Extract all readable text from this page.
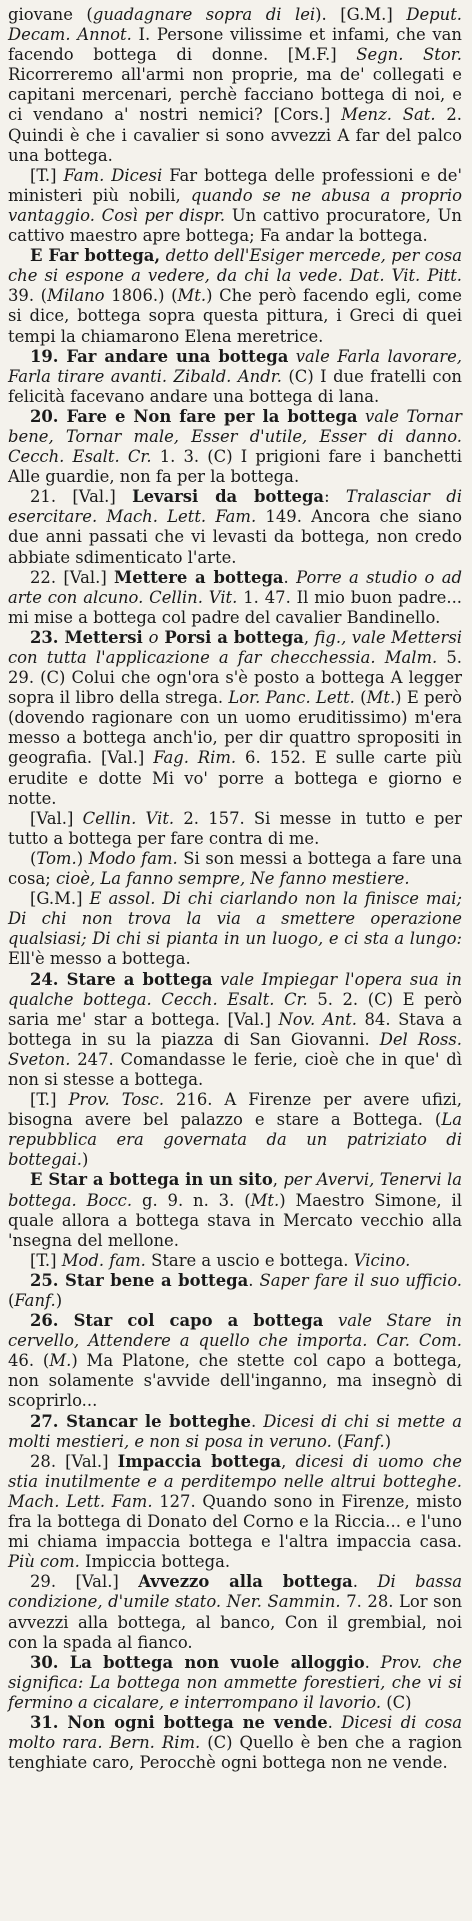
giovane (guadagnare sopra di lei). [G.M.] Deput. Decam. Annot. I. Persone vilissime et infami, che van facendo bottega di donne. [M.F.] Segn. Stor. Ricorreremo all'armi non proprie, ma de' collegati e capitani mercenari, perchè facciano bottega di noi, e ci vendano a' nostri nemici? [Cors.] Menz. Sat. 2. Quindi è che i cavalier si sono avvezzi A far del palco una bottega.

[T.] Fam. Dicesi Far bottega delle professioni e de' ministeri più nobili, quando se ne abusa a proprio vantaggio. Così per dispr. Un cattivo procuratore, Un cattivo maestro apre bottega; Fa andar la bottega.

E Far bottega, detto dell'Esiger mercede, per cosa che si espone a vedere, da chi la vede. Dat. Vit. Pitt. 39. (Milano 1806.) (Mt.) Che però facendo egli, come si dice, bottega sopra questa pittura, i Greci di quei tempi la chiamarono Elena meretrice.

19. Far andare una bottega vale Farla lavorare, Farla tirare avanti. Zibald. Andr. (C) I due fratelli con felicità facevano andare una bottega di lana.

20. Fare e Non fare per la bottega vale Tornar bene, Tornar male, Esser d'utile, Esser di danno. Cecch. Esalt. Cr. 1. 3. (C) I prigioni fare i banchetti Alle guardie, non fa per la bottega.

21. [Val.] Levarsi da bottega: Tralasciar di esercitare. Mach. Lett. Fam. 149. Ancora che siano due anni passati che vi levasti da bottega, non credo abbiate sdimenticato l'arte.

22. [Val.] Mettere a bottega. Porre a studio o ad arte con alcuno. Cellin. Vit. 1. 47. Il mio buon padre... mi mise a bottega col padre del cavalier Bandinello.

23. Mettersi o Porsi a bottega, fig., vale Mettersi con tutta l'applicazione a far checchessia. Malm. 5. 29. (C) Colui che ogn'ora s'è posto a bottega A legger sopra il libro della strega. Lor. Panc. Lett. (Mt.) E però (dovendo ragionare con un uomo eruditissimo) m'era messo a bottega anch'io, per dir quattro spropositi in geografia. [Val.] Fag. Rim. 6. 152. E sulle carte più erudite e dotte Mi vo' porre a bottega e giorno e notte.

[Val.] Cellin. Vit. 2. 157. Si messe in tutto e per tutto a bottega per fare contra di me.

(Tom.) Modo fam. Si son messi a bottega a fare una cosa; cioè, La fanno sempre, Ne fanno mestiere.

[G.M.] E assol. Di chi ciarlando non la finisce mai; Di chi non trova la via a smettere operazione qualsiasi; Di chi si pianta in un luogo, e ci sta a lungo: Ell'è messo a bottega.

24. Stare a bottega vale Impiegar l'opera sua in qualche bottega. Cecch. Esalt. Cr. 5. 2. (C) E però saria me' star a bottega. [Val.] Nov. Ant. 84. Stava a bottega in su la piazza di San Giovanni. Del Ross. Sveton. 247. Comandasse le ferie, cioè che in que' dì non si stesse a bottega.

[T.] Prov. Tosc. 216. A Firenze per avere ufizi, bisogna avere bel palazzo e stare a Bottega. (La repubblica era governata da un patriziato di bottegai.)

E Star a bottega in un sito, per Avervi, Tenervi la bottega. Bocc. g. 9. n. 3. (Mt.) Maestro Simone, il quale allora a bottega stava in Mercato vecchio alla 'nsegna del mellone.

[T.] Mod. fam. Stare a uscio e bottega. Vicino.

25. Star bene a bottega. Saper fare il suo ufficio. (Fanf.)

26. Star col capo a bottega vale Stare in cervello, Attendere a quello che importa. Car. Com. 46. (M.) Ma Platone, che stette col capo a bottega, non solamente s'avvide dell'inganno, ma insegnò di scoprirlo...

27. Stancar le botteghe. Dicesi di chi si mette a molti mestieri, e non si posa in veruno. (Fanf.)

28. [Val.] Impaccia bottega, dicesi di uomo che stia inutilmente e a perditempo nelle altrui botteghe. Mach. Lett. Fam. 127. Quando sono in Firenze, misto fra la bottega di Donato del Corno e la Riccia... e l'uno mi chiama impaccia bottega e l'altra impaccia casa. Più com. Impiccia bottega.

29. [Val.] Avvezzo alla bottega. Di bassa condizione, d'umile stato. Ner. Sammin. 7. 28. Lor son avvezzi alla bottega, al banco, Con il grembial, noi con la spada al fianco.

30. La bottega non vuole alloggio. Prov. che significa: La bottega non ammette forestieri, che vi si fermino a cicalare, e interrompano il lavorio. (C)

31. Non ogni bottega ne vende. Dicesi di cosa molto rara. Bern. Rim. (C) Quello è ben che a ragion tenghiate caro, Perocchè ogni bottega non ne vende.
